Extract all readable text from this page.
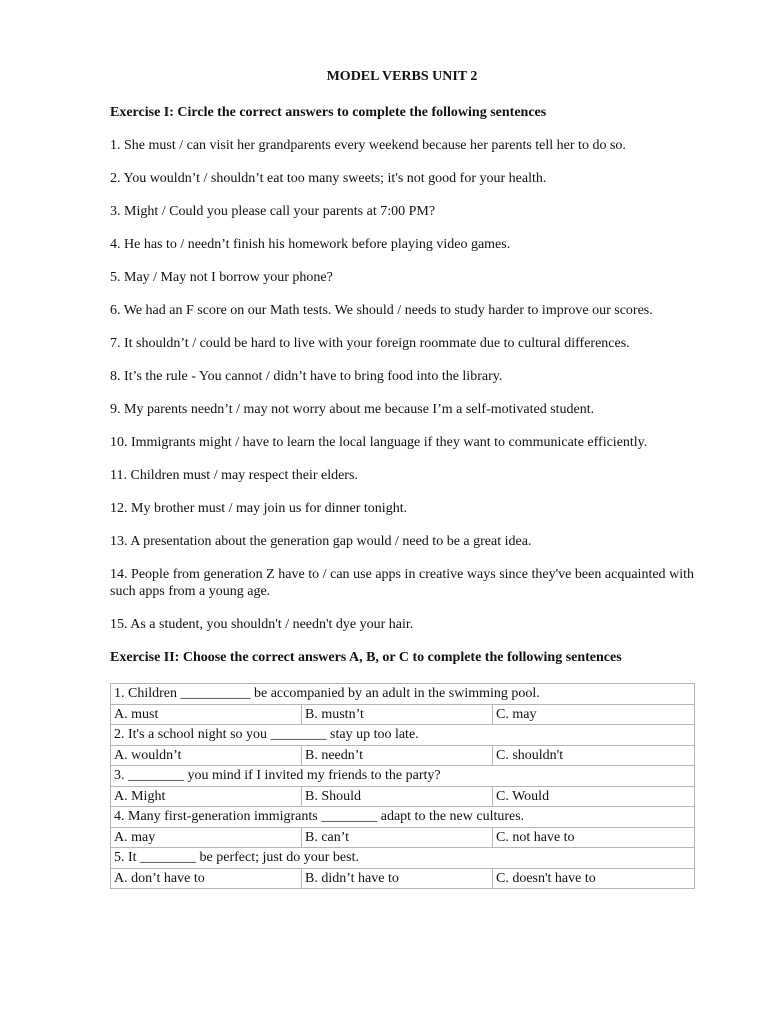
MODEL VERBS UNIT 2
Exercise I: Circle the correct answers to complete the following sentences

1. She must / can visit her grandparents every weekend because her parents tell her to do so.

2. You wouldn’t / shouldn’t eat too many sweets; it's not good for your health.

3. Might / Could you please call your parents at 7:00 PM?

4. He has to / needn’t finish his homework before playing video games.

5. May / May not I borrow your phone?

6. We had an F score on our Math tests. We should / needs to study harder to improve our scores.

7. It shouldn’t / could be hard to live with your foreign roommate due to cultural differences.

8. It’s the rule - You cannot / didn’t have to bring food into the library.

9. My parents needn’t / may not worry about me because I’m a self-motivated student.

10. Immigrants might / have to learn the local language if they want to communicate efficiently.

11. Children must / may respect their elders.

12. My brother must / may join us for dinner tonight.

13. A presentation about the generation gap would / need to be a great idea.

14. People from generation Z have to / can use apps in creative ways since they've been acquainted with such apps from a young age.

15. As a student, you shouldn't / needn't dye your hair.

Exercise II: Choose the correct answers A, B, or C to complete the following sentences
1. Children __________ be accompanied by an adult in the swimming pool.		
A. must	B. mustn’t	C. may
2. It's a school night so you ________ stay up too late.		
A. wouldn’t	B. needn’t	C. shouldn't
3. ________ you mind if I invited my friends to the party?		
A. Might	B. Should	C. Would
4. Many first-generation immigrants ________ adapt to the new cultures.		
A. may	B. can’t	C. not have to
5. It ________ be perfect; just do your best.		
A. don’t have to	B. didn’t have to	C. doesn't have to
